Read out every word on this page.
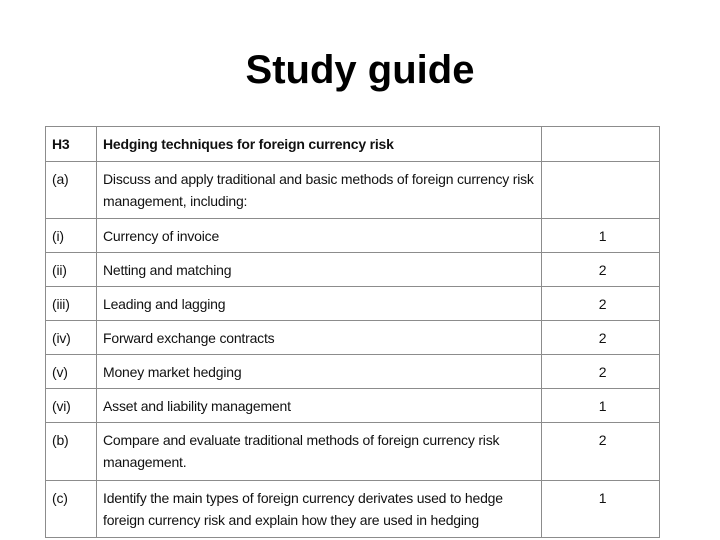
Study guide
H3	Hedging techniques for foreign currency risk	
(a)	Discuss and apply traditional and basic methods of foreign currency risk management, including:	
(i)	Currency of invoice	1
(ii)	Netting and matching	2
(iii)	Leading and lagging	2
(iv)	Forward exchange contracts	2
(v)	Money market hedging	2
(vi)	Asset and liability management	1
(b)	Compare and evaluate traditional methods of foreign currency risk management.	2
(c)	Identify the main types of foreign currency derivates used to hedge foreign currency risk and explain how they are used in hedging	1
